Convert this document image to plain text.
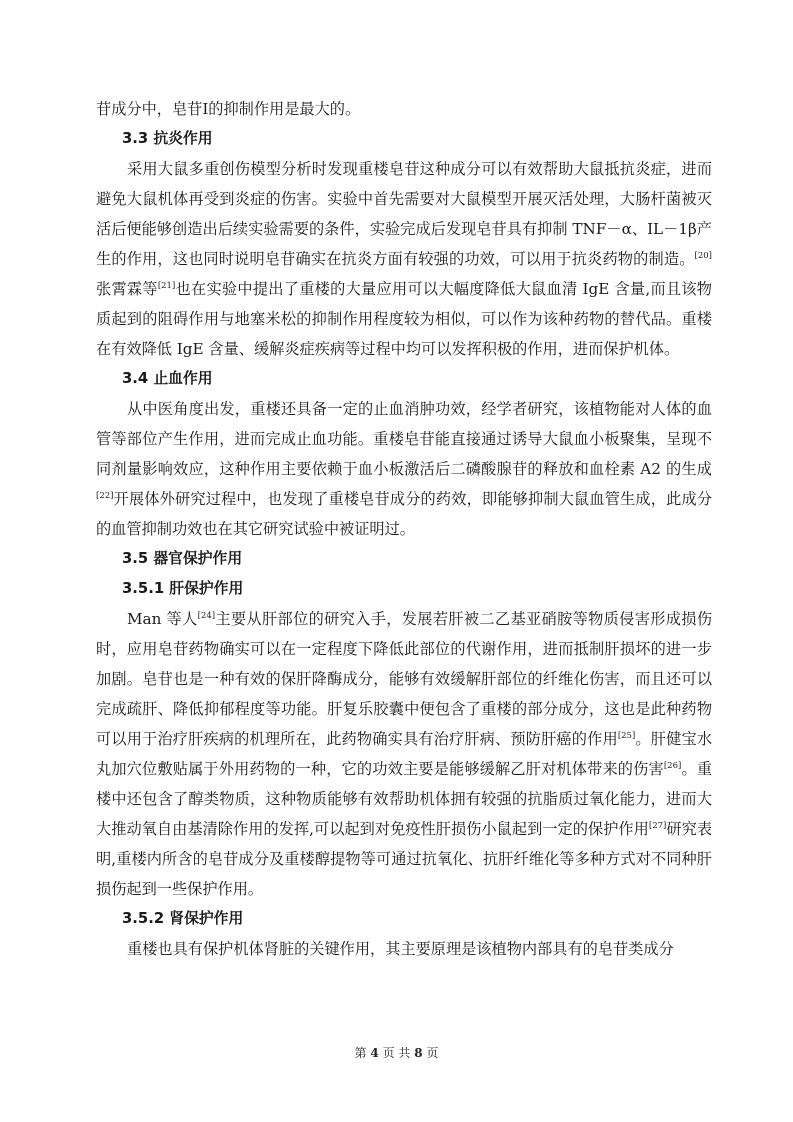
苷成分中，皂苷Ⅰ的抑制作用是最大的。

3.3 抗炎作用

采用大鼠多重创伤模型分析时发现重楼皂苷这种成分可以有效帮助大鼠抵抗炎症，进而避免大鼠机体再受到炎症的伤害。实验中首先需要对大鼠模型开展灭活处理，大肠杆菌被灭活后便能够创造出后续实验需要的条件，实验完成后发现皂苷具有抑制 TNF－α、IL－1β产生的作用，这也同时说明皂苷确实在抗炎方面有较强的功效，可以用于抗炎药物的制造。[20]张霄霖等[21]也在实验中提出了重楼的大量应用可以大幅度降低大鼠血清 IgE 含量,而且该物质起到的阻碍作用与地塞米松的抑制作用程度较为相似，可以作为该种药物的替代品。重楼在有效降低 IgE 含量、缓解炎症疾病等过程中均可以发挥积极的作用，进而保护机体。

3.4 止血作用

从中医角度出发，重楼还具备一定的止血消肿功效，经学者研究，该植物能对人体的血管等部位产生作用，进而完成止血功能。重楼皂苷能直接通过诱导大鼠血小板聚集，呈现不同剂量影响效应，这种作用主要依赖于血小板激活后二磷酸腺苷的释放和血栓素 A2 的生成[22]开展体外研究过程中，也发现了重楼皂苷成分的药效，即能够抑制大鼠血管生成，此成分的血管抑制功效也在其它研究试验中被证明过。

3.5 器官保护作用
3.5.1 肝保护作用

Man 等人[24]主要从肝部位的研究入手，发展若肝被二乙基亚硝胺等物质侵害形成损伤时，应用皂苷药物确实可以在一定程度下降低此部位的代谢作用，进而抵制肝损坏的进一步加剧。皂苷也是一种有效的保肝降酶成分，能够有效缓解肝部位的纤维化伤害，而且还可以完成疏肝、降低抑郁程度等功能。肝复乐胶囊中便包含了重楼的部分成分，这也是此种药物可以用于治疗肝疾病的机理所在，此药物确实具有治疗肝病、预防肝癌的作用[25]。肝健宝水丸加穴位敷贴属于外用药物的一种，它的功效主要是能够缓解乙肝对机体带来的伤害[26]。重楼中还包含了醇类物质，这种物质能够有效帮助机体拥有较强的抗脂质过氧化能力，进而大大推动氧自由基清除作用的发挥,可以起到对免疫性肝损伤小鼠起到一定的保护作用[27]研究表明,重楼内所含的皂苷成分及重楼醇提物等可通过抗氧化、抗肝纤维化等多种方式对不同种肝损伤起到一些保护作用。

3.5.2 肾保护作用

重楼也具有保护机体肾脏的关键作用，其主要原理是该植物内部具有的皂苷类成分

第 4 页 共 8 页
